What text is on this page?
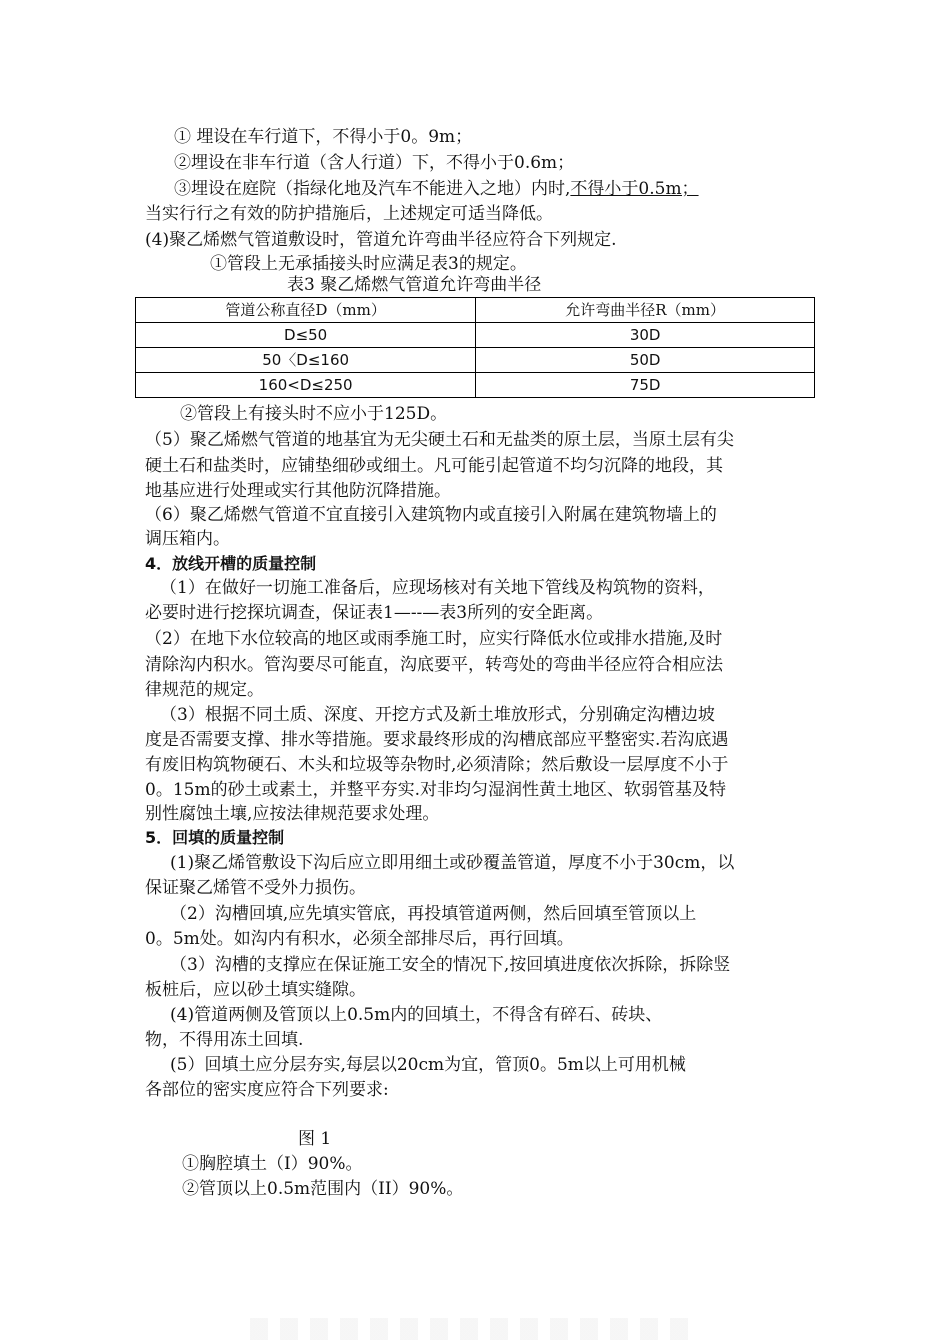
① 埋设在车行道下，不得小于0。9m；
②埋设在非车行道（含人行道）下，不得小于0.6m；
③埋设在庭院（指绿化地及汽车不能进入之地）内时,不得小于0.5m；
当实行行之有效的防护措施后，上述规定可适当降低。
(4)聚乙烯燃气管道敷设时，管道允许弯曲半径应符合下列规定.
①管段上无承插接头时应满足表3的规定。
②管段上有接头时不应小于125D。
（5）聚乙烯燃气管道的地基宜为无尖硬土石和无盐类的原土层，当原土层有尖
硬土石和盐类时，应铺垫细砂或细土。凡可能引起管道不均匀沉降的地段，其
地基应进行处理或实行其他防沉降措施。
（6）聚乙烯燃气管道不宜直接引入建筑物内或直接引入附属在建筑物墙上的
调压箱内。
4．放线开槽的质量控制
（1）在做好一切施工准备后，应现场核对有关地下管线及构筑物的资料，
必要时进行挖探坑调查，保证表1—--—表3所列的安全距离。
（2）在地下水位较高的地区或雨季施工时，应实行降低水位或排水措施,及时
清除沟内积水。管沟要尽可能直，沟底要平，转弯处的弯曲半径应符合相应法
律规范的规定。
（3）根据不同土质、深度、开挖方式及新土堆放形式，分别确定沟槽边坡
度是否需要支撑、排水等措施。要求最终形成的沟槽底部应平整密实.若沟底遇
有废旧构筑物硬石、木头和垃圾等杂物时,必须清除；然后敷设一层厚度不小于
0。15m的砂土或素土，并整平夯实.对非均匀湿润性黄土地区、软弱管基及特
别性腐蚀土壤,应按法律规范要求处理。
5．回填的质量控制
(1)聚乙烯管敷设下沟后应立即用细土或砂覆盖管道，厚度不小于30cm，以
保证聚乙烯管不受外力损伤。
（2）沟槽回填,应先填实管底，再投填管道两侧，然后回填至管顶以上
0。5m处。如沟内有积水，必须全部排尽后，再行回填。
（3）沟槽的支撑应在保证施工安全的情况下,按回填进度依次拆除，拆除竖
板桩后，应以砂土填实缝隙。
(4)管道两侧及管顶以上0.5m内的回填土，不得含有碎石、砖块、
物，不得用冻土回填.
(5）回填土应分层夯实,每层以20cm为宜，管顶0。5m以上可用机械
各部位的密实度应符合下列要求:
图 1
①胸腔填土（I）90%。
②管顶以上0.5m范围内（II）90%。
管道公称直径D（mm）	允许弯曲半径R（mm）
D≤50	30D
50〈D≤160	50D
160<D≤250	75D
表3 聚乙烯燃气管道允许弯曲半径
